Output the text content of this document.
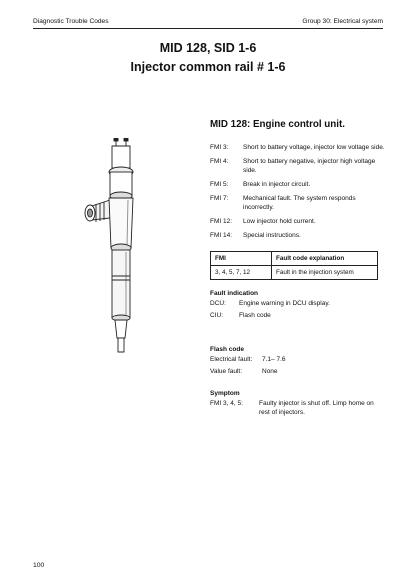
Diagnostic Trouble Codes	Group 30: Electrical system
MID 128, SID 1-6
Injector common rail # 1-6
MID 128: Engine control unit.
FMI 3:	Short to battery voltage, injector low voltage side.
FMI 4:	Short to battery negative, injector high voltage side.
FMI 5:	Break in injector circuit.
FMI 7:	Mechanical fault. The system responds incorrectly.
FMI 12:	Low injector hold current.
FMI 14:	Special instructions.
FMI	Fault code explanation
3, 4, 5, 7, 12	Fault in the injection system
Fault indication
DCU:	Engine warning in DCU display.
CIU:	Flash code
Flash code
Electrical fault:	7.1– 7.6
Value fault:	None
Symptom
FMI 3, 4, 5:	Faulty injector is shut off. Limp home on rest of injectors.
100
